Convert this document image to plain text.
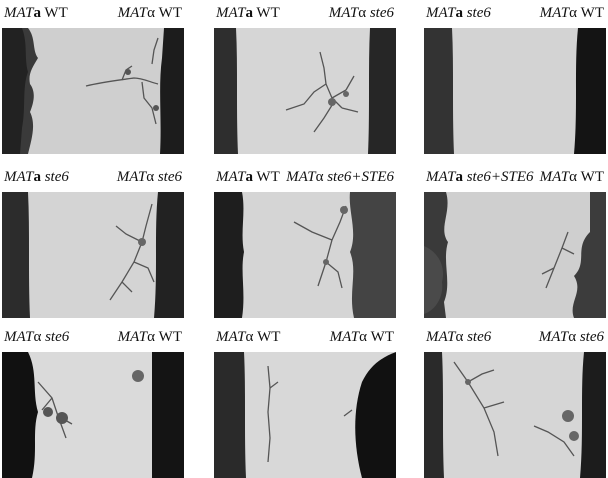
MATa WT	MATα WT MATa WT	MATα ste6 MATa ste6	MATα WT
MATa ste6	MATα ste6 MATa WT MATα ste6+STE6 MATa ste6+STE6 MATα WT
MATα ste6	MATα WT MATα WT	MATα WT MATα ste6	MATα ste6
